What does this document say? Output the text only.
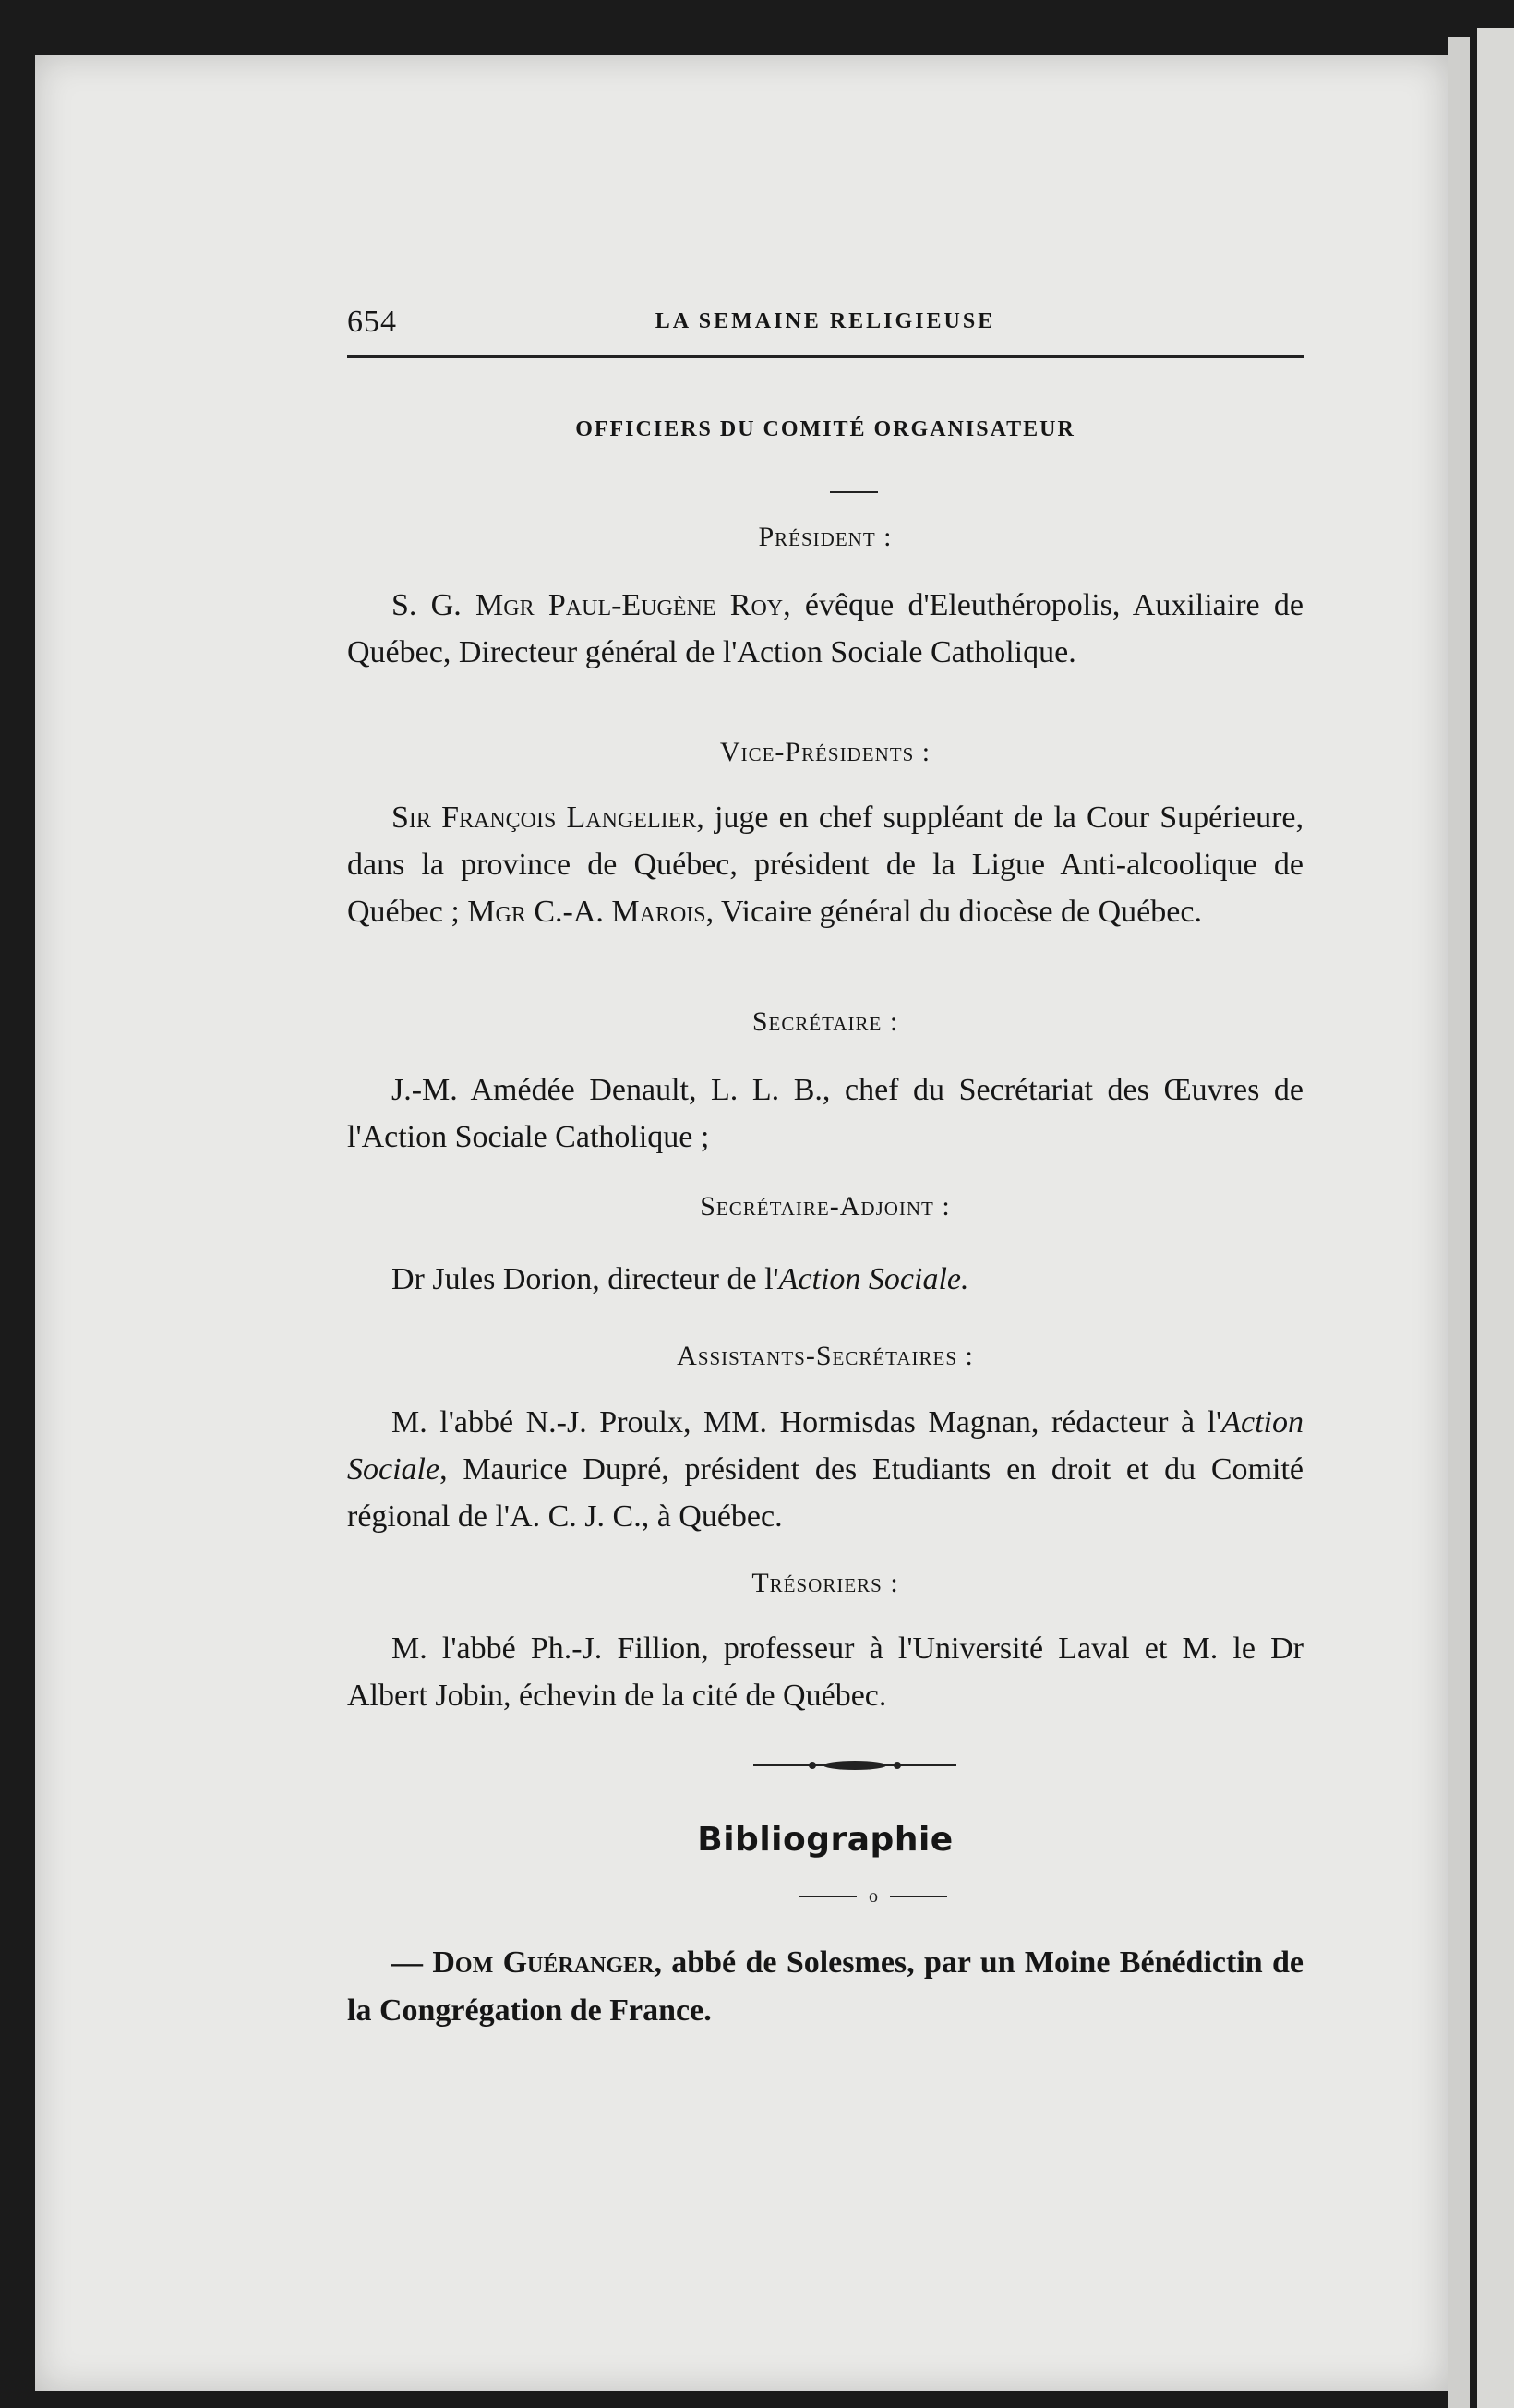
654	LA SEMAINE RELIGIEUSE
OFFICIERS DU COMITÉ ORGANISATEUR
Président :
S. G. Mgr Paul-Eugène Roy, évêque d'Eleuthéropolis, Auxiliaire de Québec, Directeur général de l'Action Sociale Catholique.
Vice-Présidents :
Sir François Langelier, juge en chef suppléant de la Cour Supérieure, dans la province de Québec, président de la Ligue Anti-alcoolique de Québec ; Mgr C.-A. Marois, Vicaire général du diocèse de Québec.
Secrétaire :
J.-M. Amédée Denault, L. L. B., chef du Secrétariat des Œuvres de l'Action Sociale Catholique ;
Secrétaire-Adjoint :
Dr Jules Dorion, directeur de l'Action Sociale.
Assistants-Secrétaires :
M. l'abbé N.-J. Proulx, MM. Hormisdas Magnan, rédacteur à l'Action Sociale, Maurice Dupré, président des Etudiants en droit et du Comité régional de l'A. C. J. C., à Québec.
Trésoriers :
M. l'abbé Ph.-J. Fillion, professeur à l'Université Laval et M. le Dr Albert Jobin, échevin de la cité de Québec.
Bibliographie
o
— Dom Guéranger, abbé de Solesmes, par un Moine Bénédictin de la Congrégation de France.
